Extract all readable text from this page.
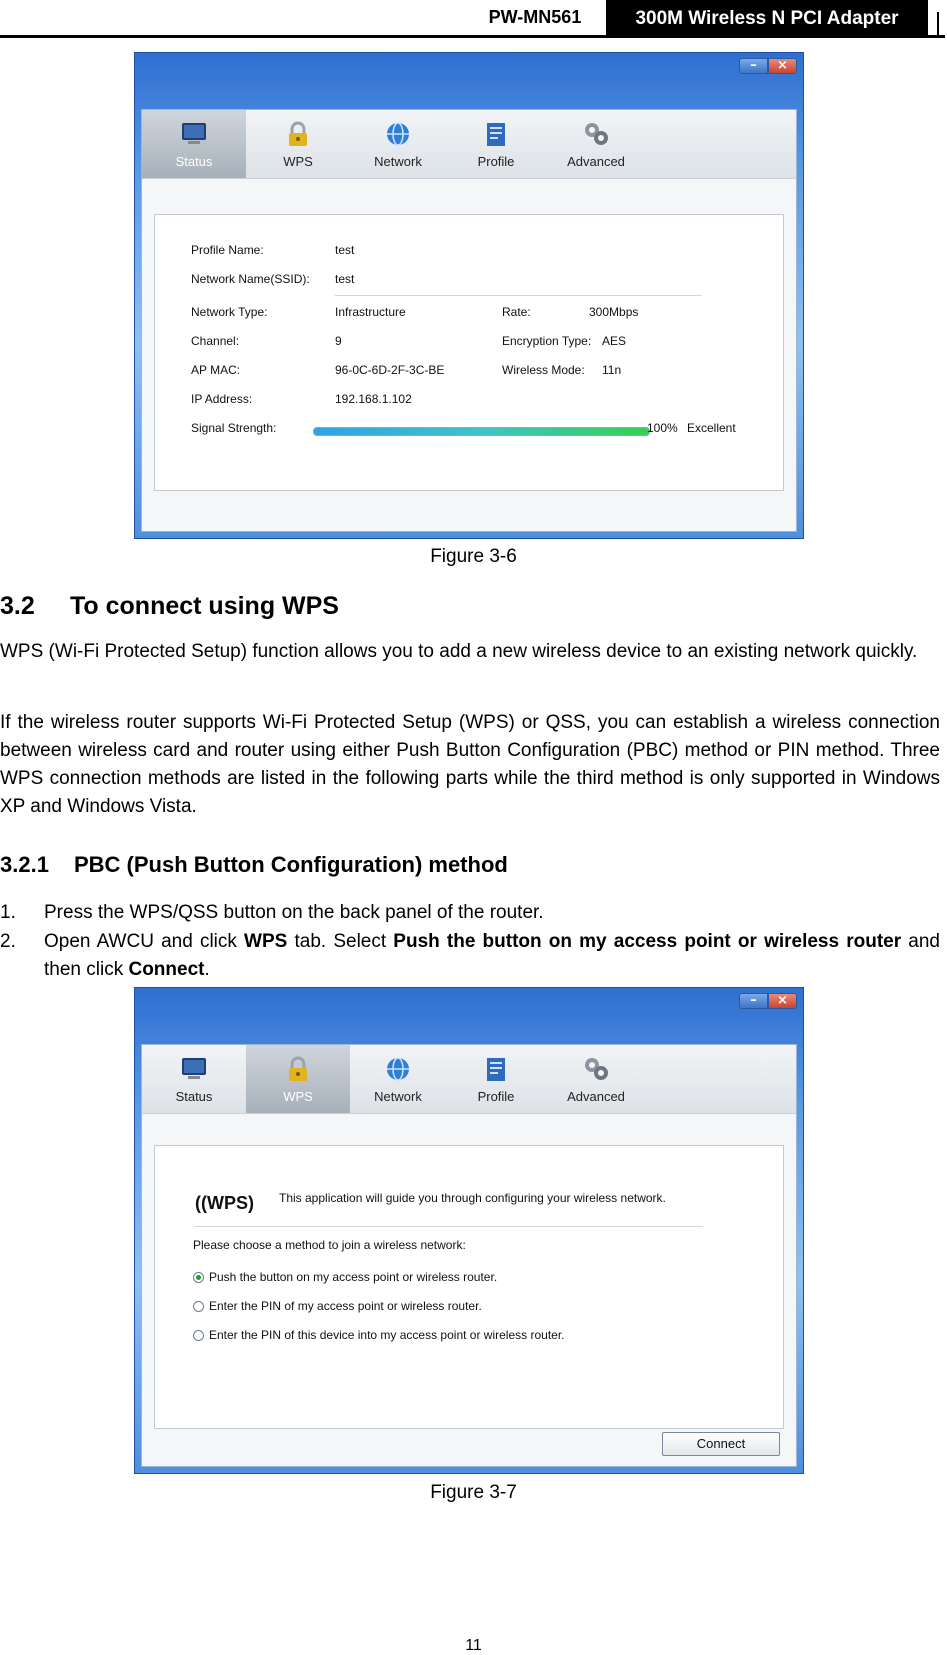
PW-MN561	300M Wireless N PCI Adapter
–	×
Status	WPS	Network	Profile	Advanced
Profile Name:	test
Network Name(SSID): test
Network Type:	Infrastructure	Rate:	300Mbps
Channel:	9	Encryption Type: AES
AP MAC:	96-0C-6D-2F-3C-BE	Wireless Mode: 11n
IP Address:	192.168.1.102
Signal Strength:	100% Excellent
Figure 3-6
3.2 To connect using WPS
WPS (Wi-Fi Protected Setup) function allows you to add a new wireless device to an existing network quickly.
If the wireless router supports Wi-Fi Protected Setup (WPS) or QSS, you can establish a wireless connection between wireless card and router using either Push Button Configuration (PBC) method or PIN method. Three WPS connection methods are listed in the following parts while the third method is only supported in Windows XP and Windows Vista.
3.2.1 PBC (Push Button Configuration) method
1. Press the WPS/QSS button on the back panel of the router.
2. Open AWCU and click WPS tab. Select Push the button on my access point or wireless router and then click Connect.
–	×
Status	WPS	Network	Profile	Advanced
((WPS)	This application will guide you through configuring your wireless network.
Please choose a method to join a wireless network:
Push the button on my access point or wireless router.
Enter the PIN of my access point or wireless router.
Enter the PIN of this device into my access point or wireless router.
Connect
Figure 3-7
11
